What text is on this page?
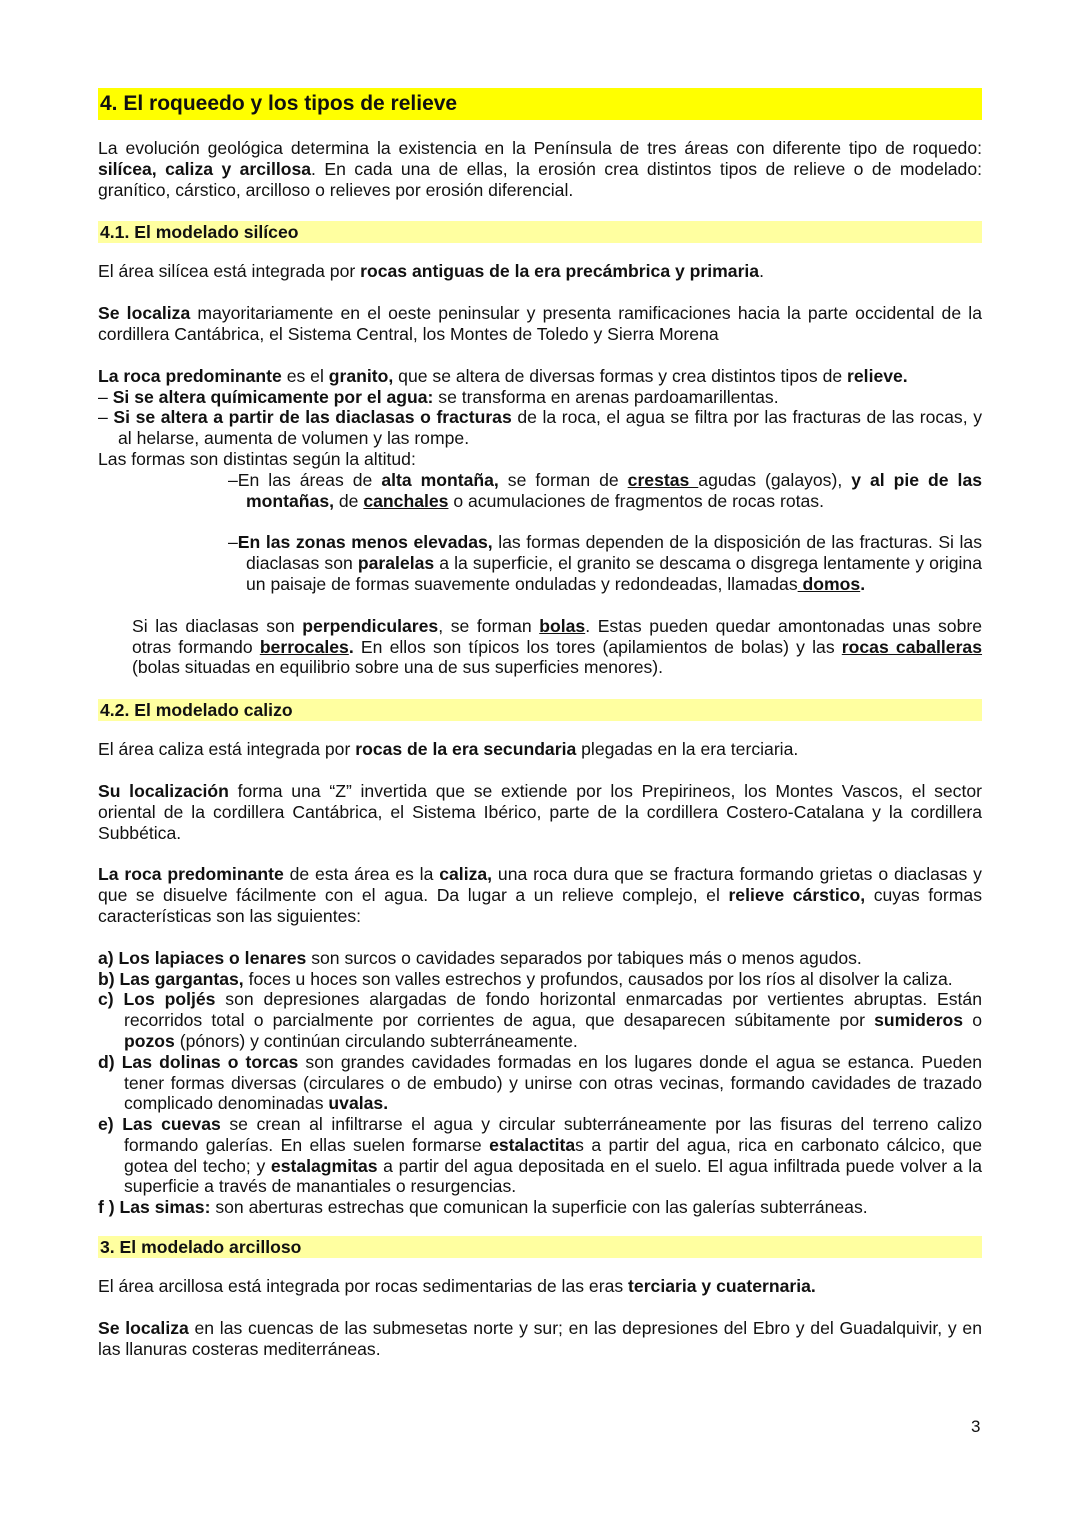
4. El roqueedo y los tipos de relieve

La evolución geológica determina la existencia en la Península de tres áreas con diferente tipo de roquedo: silícea, caliza y arcillosa. En cada una de ellas, la erosión crea distintos tipos de relieve o de modelado: granítico, cárstico, arcilloso o relieves por erosión diferencial.

4.1. El modelado silíceo

El área silícea está integrada por rocas antiguas de la era precámbrica y primaria.

Se localiza mayoritariamente en el oeste peninsular y presenta ramificaciones hacia la parte occidental de la cordillera Cantábrica, el Sistema Central, los Montes de Toledo y Sierra Morena

La roca predominante es el granito, que se altera de diversas formas y crea distintos tipos de relieve.

– Si se altera químicamente por el agua: se transforma en arenas pardoamarillentas.
– Si se altera a partir de las diaclasas o fracturas de la roca, el agua se filtra por las fracturas de las rocas, y al helarse, aumenta de volumen y las rompe.
Las formas son distintas según la altitud:
–En las áreas de alta montaña, se forman de crestas agudas (galayos), y al pie de las montañas, de canchales o acumulaciones de fragmentos de rocas rotas.
–En las zonas menos elevadas, las formas dependen de la disposición de las fracturas. Si las diaclasas son paralelas a la superficie, el granito se descama o disgrega lentamente y origina un paisaje de formas suavemente onduladas y redondeadas, llamadas domos.

Si las diaclasas son perpendiculares, se forman bolas. Estas pueden quedar amontonadas unas sobre otras formando berrocales. En ellos son típicos los tores (apilamientos de bolas) y las rocas caballeras (bolas situadas en equilibrio sobre una de sus superficies menores).

4.2. El modelado calizo

El área caliza está integrada por rocas de la era secundaria plegadas en la era terciaria.

Su localización forma una “Z” invertida que se extiende por los Prepirineos, los Montes Vascos, el sector oriental de la cordillera Cantábrica, el Sistema Ibérico, parte de la cordillera Costero-Catalana y la cordillera Subbética.

La roca predominante de esta área es la caliza, una roca dura que se fractura formando grietas o diaclasas y que se disuelve fácilmente con el agua. Da lugar a un relieve complejo, el relieve cárstico, cuyas formas características son las siguientes:

a) Los lapiaces o lenares son surcos o cavidades separados por tabiques más o menos agudos.
b) Las gargantas, foces u hoces son valles estrechos y profundos, causados por los ríos al disolver la caliza.
c) Los poljés son depresiones alargadas de fondo horizontal enmarcadas por vertientes abruptas. Están recorridos total o parcialmente por corrientes de agua, que desaparecen súbitamente por sumideros o pozos (pónors) y continúan circulando subterráneamente.
d) Las dolinas o torcas son grandes cavidades formadas en los lugares donde el agua se estanca. Pueden tener formas diversas (circulares o de embudo) y unirse con otras vecinas, formando cavidades de trazado complicado denominadas uvalas.
e) Las cuevas se crean al infiltrarse el agua y circular subterráneamente por las fisuras del terreno calizo formando galerías. En ellas suelen formarse estalactitas a partir del agua, rica en carbonato cálcico, que gotea del techo; y estalagmitas a partir del agua depositada en el suelo. El agua infiltrada puede volver a la superficie a través de manantiales o resurgencias.
f ) Las simas: son aberturas estrechas que comunican la superficie con las galerías subterráneas.
3. El modelado arcilloso

El área arcillosa está integrada por rocas sedimentarias de las eras terciaria y cuaternaria.

Se localiza en las cuencas de las submesetas norte y sur; en las depresiones del Ebro y del Guadalquivir, y en las llanuras costeras mediterráneas.

3
